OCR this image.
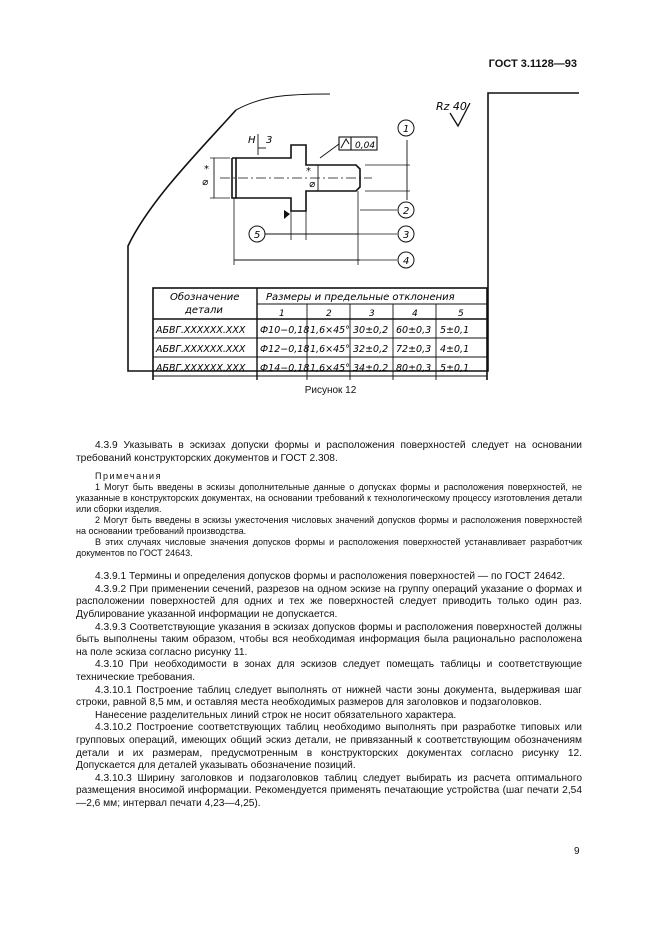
ГОСТ 3.1128—93
Rz 40
H 3	0,04
⌀
*
⌀
*
1
2
3
4
5
Обозначение
детали
Размеры и предельные отклонения
1	2	3	4	5
АБВГ.XXXXXX.XXX Ф10−0,18 1,6×45° 30±0,2 60±0,3 5±0,1
АБВГ.XXXXXX.XXX Ф12−0,18 1,6×45° 32±0,2 72±0,3 4±0,1
АБВГ.XXXXXX.XXX Ф14−0,18 1,6×45° 34±0,2 80±0,3 5±0,1
Рисунок 12

4.3.9 Указывать в эскизах допуски формы и расположения поверхностей следует на основании требований конструкторских документов и ГОСТ 2.308.

Примечания

1 Могут быть введены в эскизы дополнительные данные о допусках формы и расположения поверхностей, не указанные в конструкторских документах, на основании требований к технологическому процессу изготовления детали или сборки изделия.

2 Могут быть введены в эскизы ужесточения числовых значений допусков формы и расположения поверхностей на основании требований производства.

В этих случаях числовые значения допусков формы и расположения поверхностей устанавливает разработчик документов по ГОСТ 24643.

4.3.9.1 Термины и определения допусков формы и расположения поверхностей — по ГОСТ 24642.

4.3.9.2 При применении сечений, разрезов на одном эскизе на группу операций указание о формах и расположении поверхностей для одних и тех же поверхностей следует приводить только один раз. Дублирование указанной информации не допускается.

4.3.9.3 Соответствующие указания в эскизах допусков формы и расположения поверхностей должны быть выполнены таким образом, чтобы вся необходимая информация была рационально расположена на поле эскиза согласно рисунку 11.

4.3.10 При необходимости в зонах для эскизов следует помещать таблицы и соответствующие технические требования.

4.3.10.1 Построение таблиц следует выполнять от нижней части зоны документа, выдерживая шаг строки, равной 8,5 мм, и оставляя места необходимых размеров для заголовков и подзаголовков.

Нанесение разделительных линий строк не носит обязательного характера.

4.3.10.2 Построение соответствующих таблиц необходимо выполнять при разработке типовых или групповых операций, имеющих общий эскиз детали, не привязанный к соответствующим обозначениям детали и их размерам, предусмотренным в конструкторских документах согласно рисунку 12. Допускается для деталей указывать обозначение позиций.

4.3.10.3 Ширину заголовков и подзаголовков таблиц следует выбирать из расчета оптимального размещения вносимой информации. Рекомендуется применять печатающие устройства (шаг печати 2,54—2,6 мм; интервал печати 4,23—4,25).

9
